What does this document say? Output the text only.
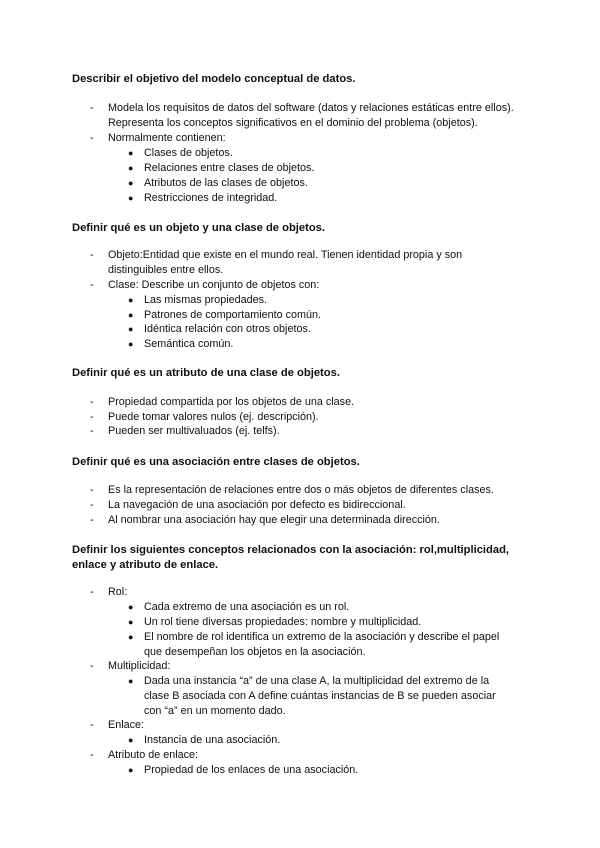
Describir el objetivo del modelo conceptual de datos.
- Modela los requisitos de datos del software (datos y relaciones estáticas entre ellos).
Representa los conceptos significativos en el dominio del problema (objetos).
- Normalmente contienen:
● Clases de objetos.
● Relaciones entre clases de objetos.
● Atributos de las clases de objetos.
● Restricciones de integridad.
Definir qué es un objeto y una clase de objetos.
- Objeto:Entidad que existe en el mundo real. Tienen identidad propia y son
distinguibles entre ellos.
- Clase: Describe un conjunto de objetos con:
● Las mismas propiedades.
● Patrones de comportamiento común.
● Idéntica relación con otros objetos.
● Semántica común.
Definir qué es un atributo de una clase de objetos.
- Propiedad compartida por los objetos de una clase.
- Puede tomar valores nulos (ej. descripción).
- Pueden ser multivaluados (ej. telfs).
Definir qué es una asociación entre clases de objetos.
- Es la representación de relaciones entre dos o más objetos de diferentes clases.
- La navegación de una asociación por defecto es bidireccional.
- Al nombrar una asociación hay que elegir una determinada dirección.
Definir los siguientes conceptos relacionados con la asociación: rol,multiplicidad,
enlace y atributo de enlace.
- Rol:
● Cada extremo de una asociación es un rol.
● Un rol tiene diversas propiedades: nombre y multiplicidad.
● El nombre de rol identifica un extremo de la asociación y describe el papel
que desempeñan los objetos en la asociación.
- Multiplicidad:
● Dada una instancia “a” de una clase A, la multiplicidad del extremo de la
clase B asociada con A define cuántas instancias de B se pueden asociar
con “a” en un momento dado.
- Enlace:
● Instancia de una asociación.
- Atributo de enlace:
● Propiedad de los enlaces de una asociación.
